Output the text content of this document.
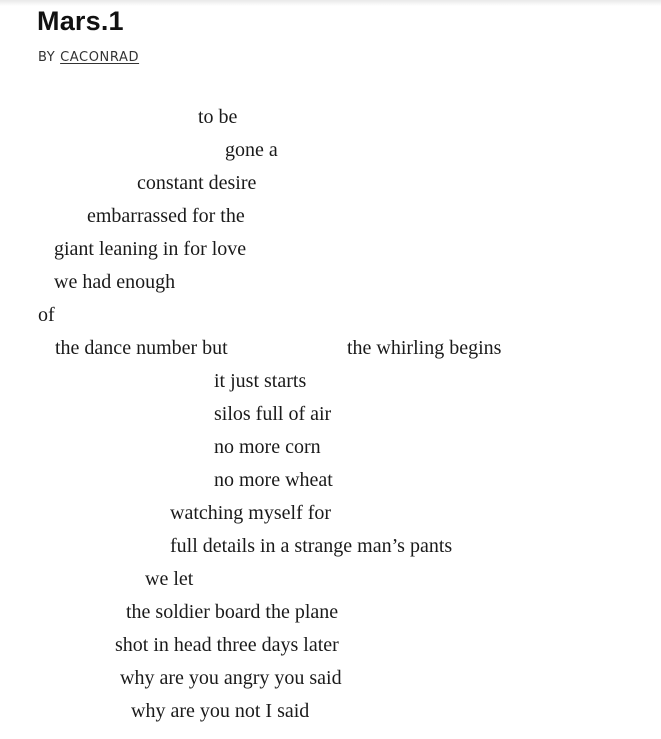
Mars.1
BY CACONRAD
to be
gone a
constant desire
embarrassed for the
giant leaning in for love
we had enough
of
the dance number but	the whirling begins
it just starts
silos full of air
no more corn
no more wheat
watching myself for
full details in a strange man’s pants
we let
the soldier board the plane
shot in head three days later
why are you angry you said
why are you not I said
